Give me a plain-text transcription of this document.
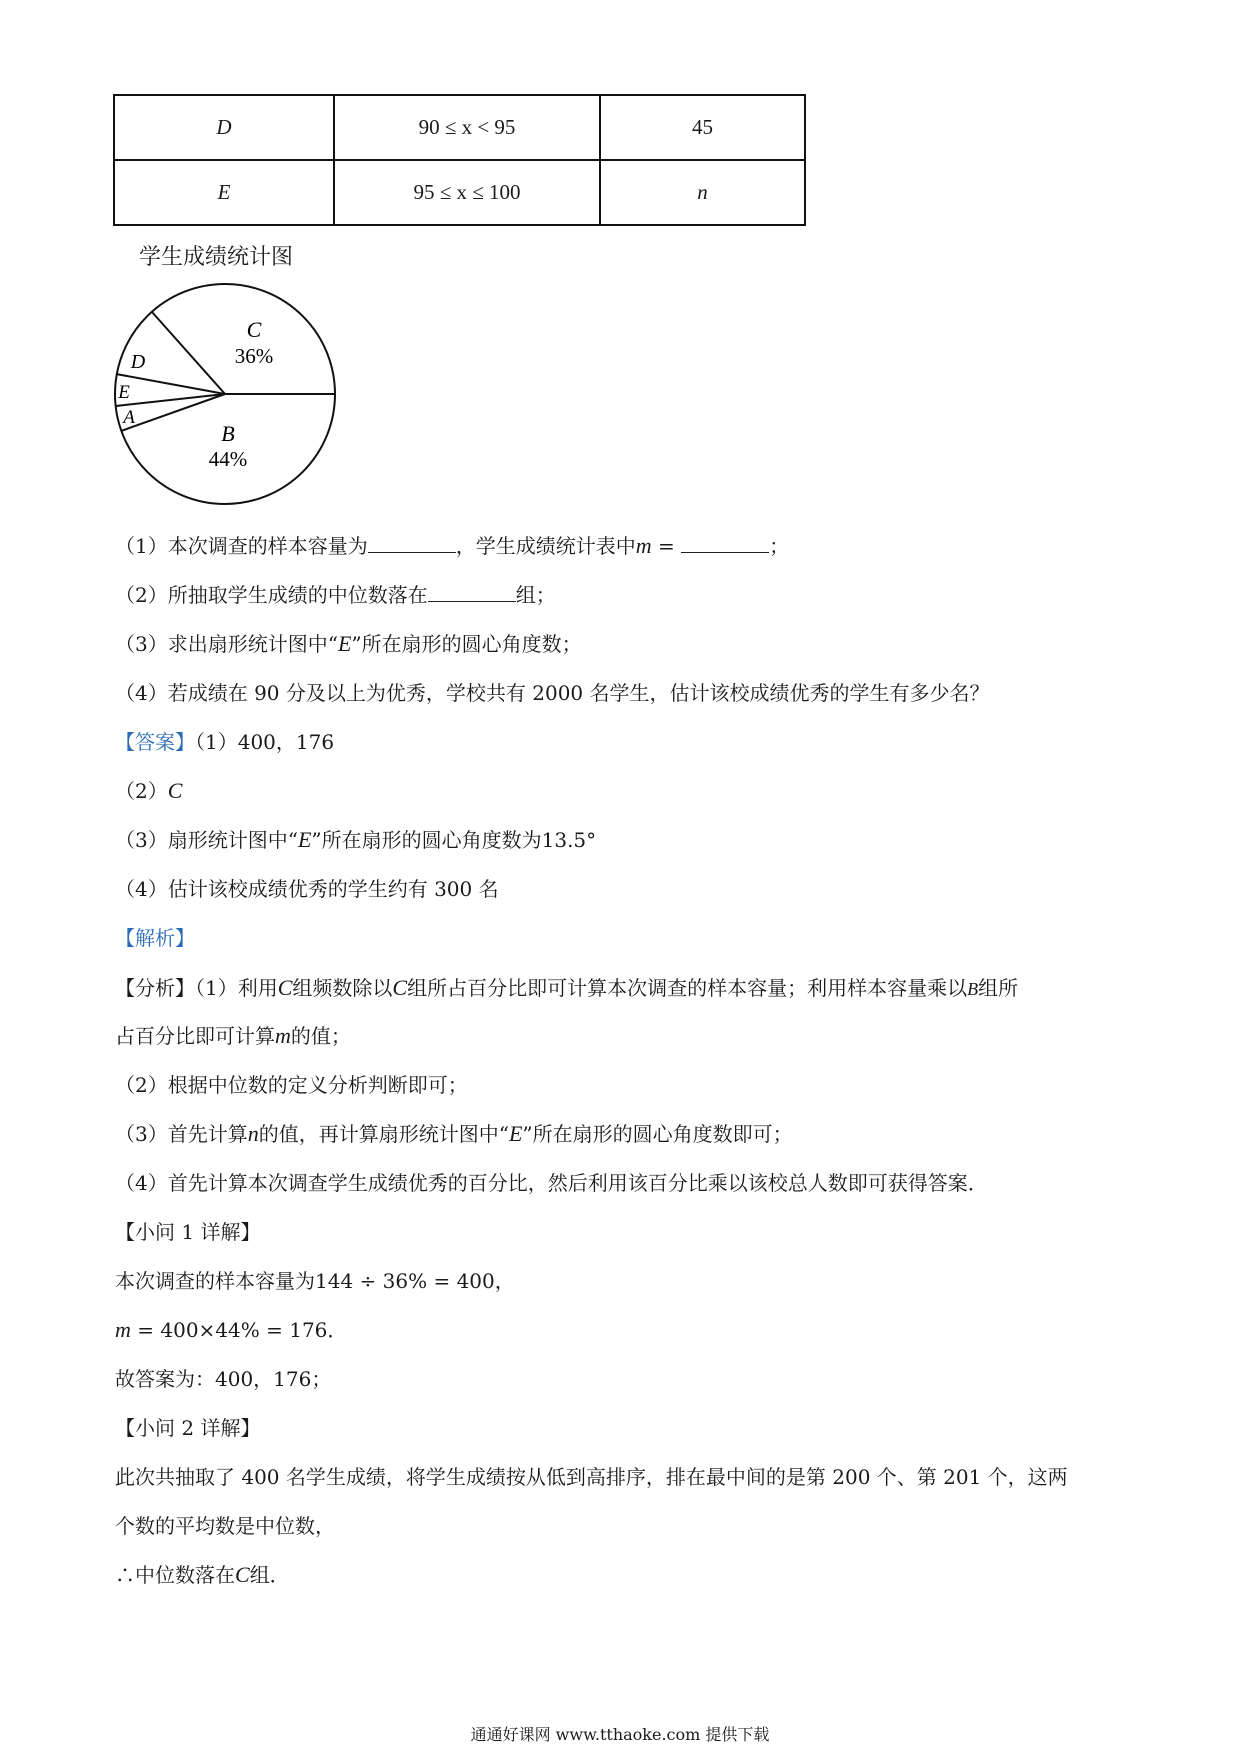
D	90 ≤ x < 95	45
E	95 ≤ x ≤ 100	n
学生成绩统计图
C
36%
B
44%
D
E
A
（1）本次调查的样本容量为	，学生成绩统计表中m =	；
（2）所抽取学生成绩的中位数落在	组；
（3）求出扇形统计图中“E”所在扇形的圆心角度数；
（4）若成绩在 90 分及以上为优秀，学校共有 2000 名学生，估计该校成绩优秀的学生有多少名？
【答案】（1）400，176
（2）C
（3）扇形统计图中“E”所在扇形的圆心角度数为13.5°
（4）估计该校成绩优秀的学生约有 300 名
【解析】
【分析】（1）利用C组频数除以C组所占百分比即可计算本次调查的样本容量；利用样本容量乘以B组所
占百分比即可计算m的值；
（2）根据中位数的定义分析判断即可；
（3）首先计算n的值，再计算扇形统计图中“E”所在扇形的圆心角度数即可；
（4）首先计算本次调查学生成绩优秀的百分比，然后利用该百分比乘以该校总人数即可获得答案．
【小问 1 详解】
本次调查的样本容量为144 ÷ 36% = 400，
m = 400×44% = 176．
故答案为：400，176；
【小问 2 详解】
此次共抽取了 400 名学生成绩，将学生成绩按从低到高排序，排在最中间的是第 200 个、第 201 个，这两
个数的平均数是中位数，
∴中位数落在C组．
通通好课网 www.tthaoke.com 提供下载
